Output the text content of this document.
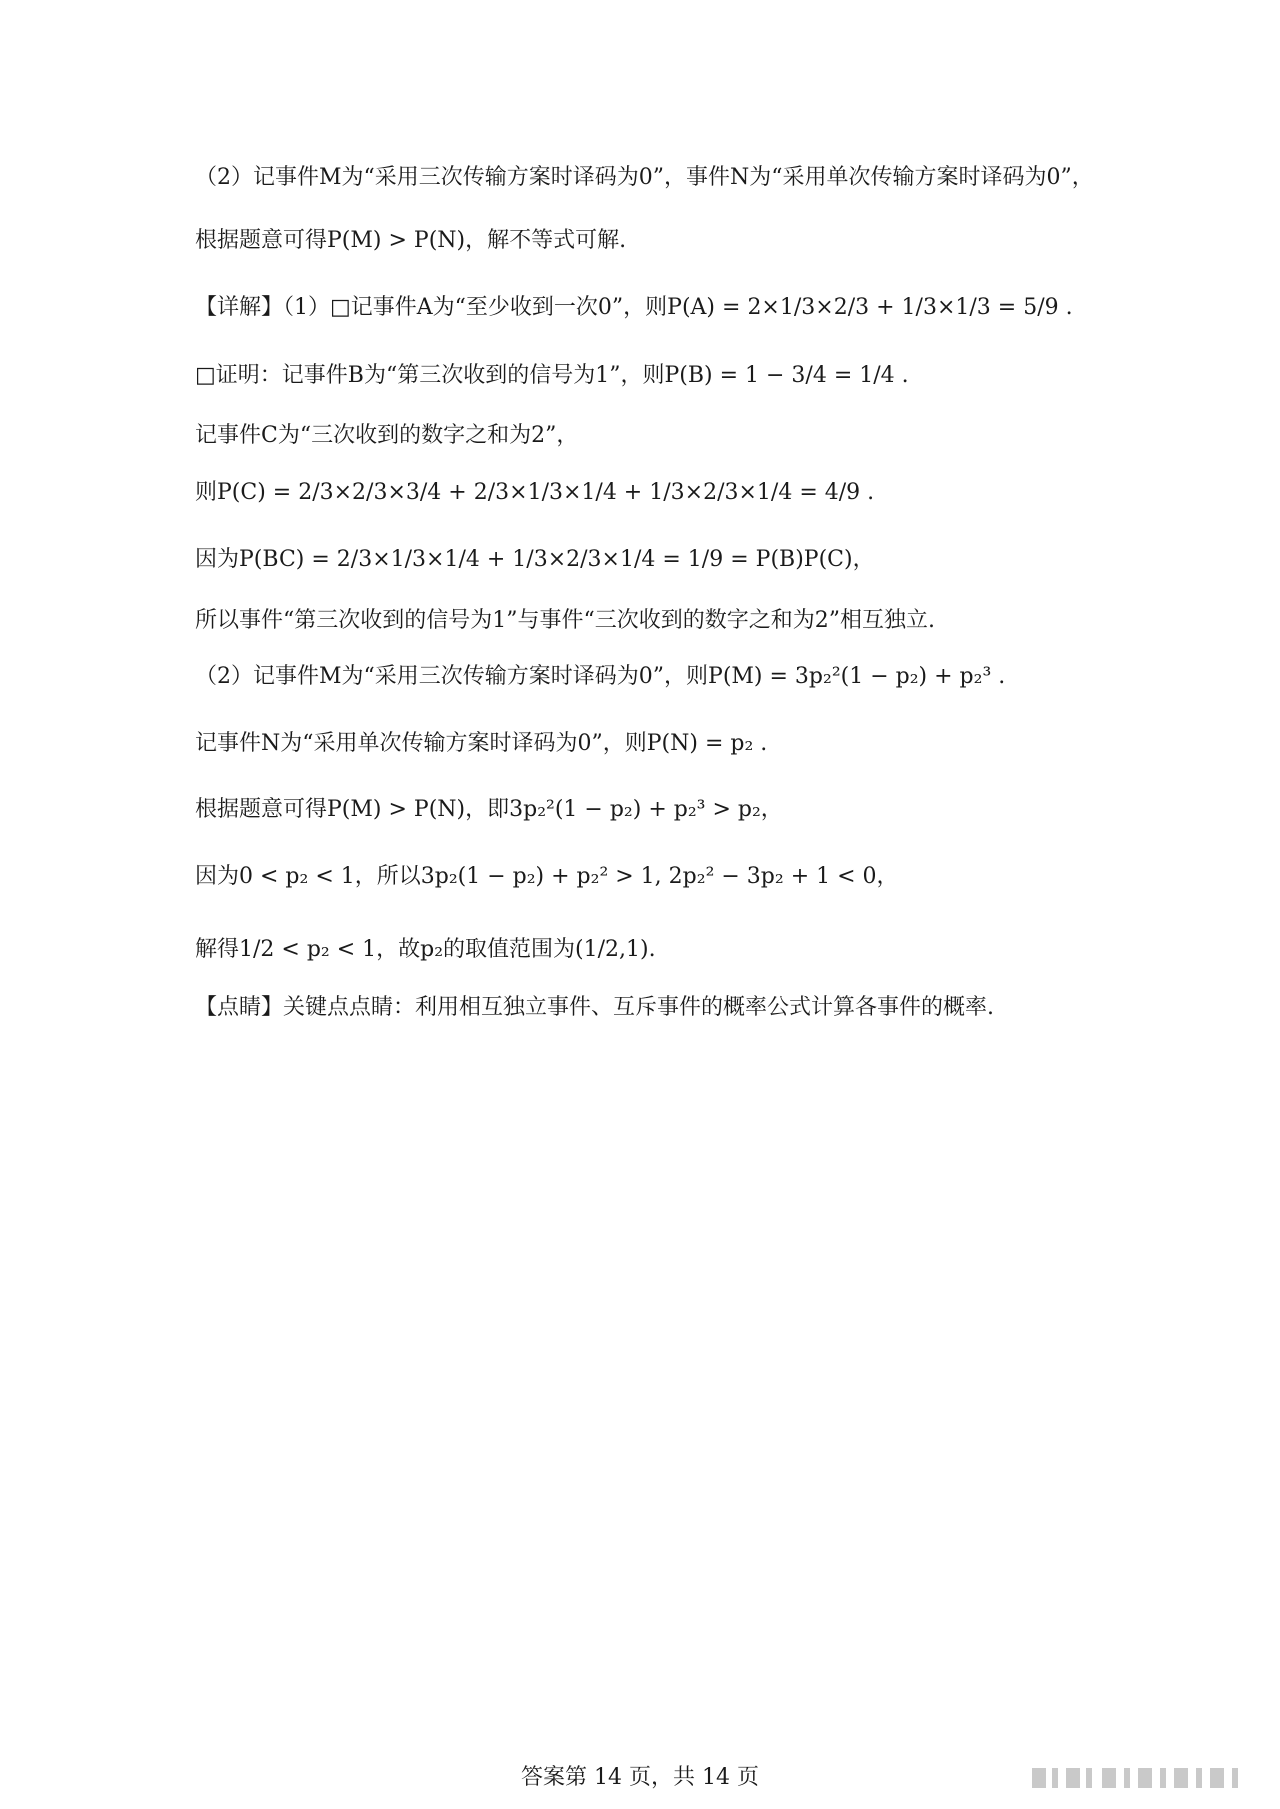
（2）记事件M为“采用三次传输方案时译码为0”，事件N为“采用单次传输方案时译码为0”，
根据题意可得P(M) > P(N)，解不等式可解.
【详解】（1）□记事件A为“至少收到一次0”，则P(A) = 2×1/3×2/3 + 1/3×1/3 = 5/9 .
□证明：记事件B为“第三次收到的信号为1”，则P(B) = 1 − 3/4 = 1/4 .
记事件C为“三次收到的数字之和为2”，
则P(C) = 2/3×2/3×3/4 + 2/3×1/3×1/4 + 1/3×2/3×1/4 = 4/9 .
因为P(BC) = 2/3×1/3×1/4 + 1/3×2/3×1/4 = 1/9 = P(B)P(C)，
所以事件“第三次收到的信号为1”与事件“三次收到的数字之和为2”相互独立.
（2）记事件M为“采用三次传输方案时译码为0”，则P(M) = 3p₂²(1 − p₂) + p₂³ .
记事件N为“采用单次传输方案时译码为0”，则P(N) = p₂ .
根据题意可得P(M) > P(N)，即3p₂²(1 − p₂) + p₂³ > p₂，
因为0 < p₂ < 1，所以3p₂(1 − p₂) + p₂² > 1, 2p₂² − 3p₂ + 1 < 0，
解得1/2 < p₂ < 1，故p₂的取值范围为(1/2,1).
【点睛】关键点点睛：利用相互独立事件、互斥事件的概率公式计算各事件的概率.
答案第 14 页，共 14 页
